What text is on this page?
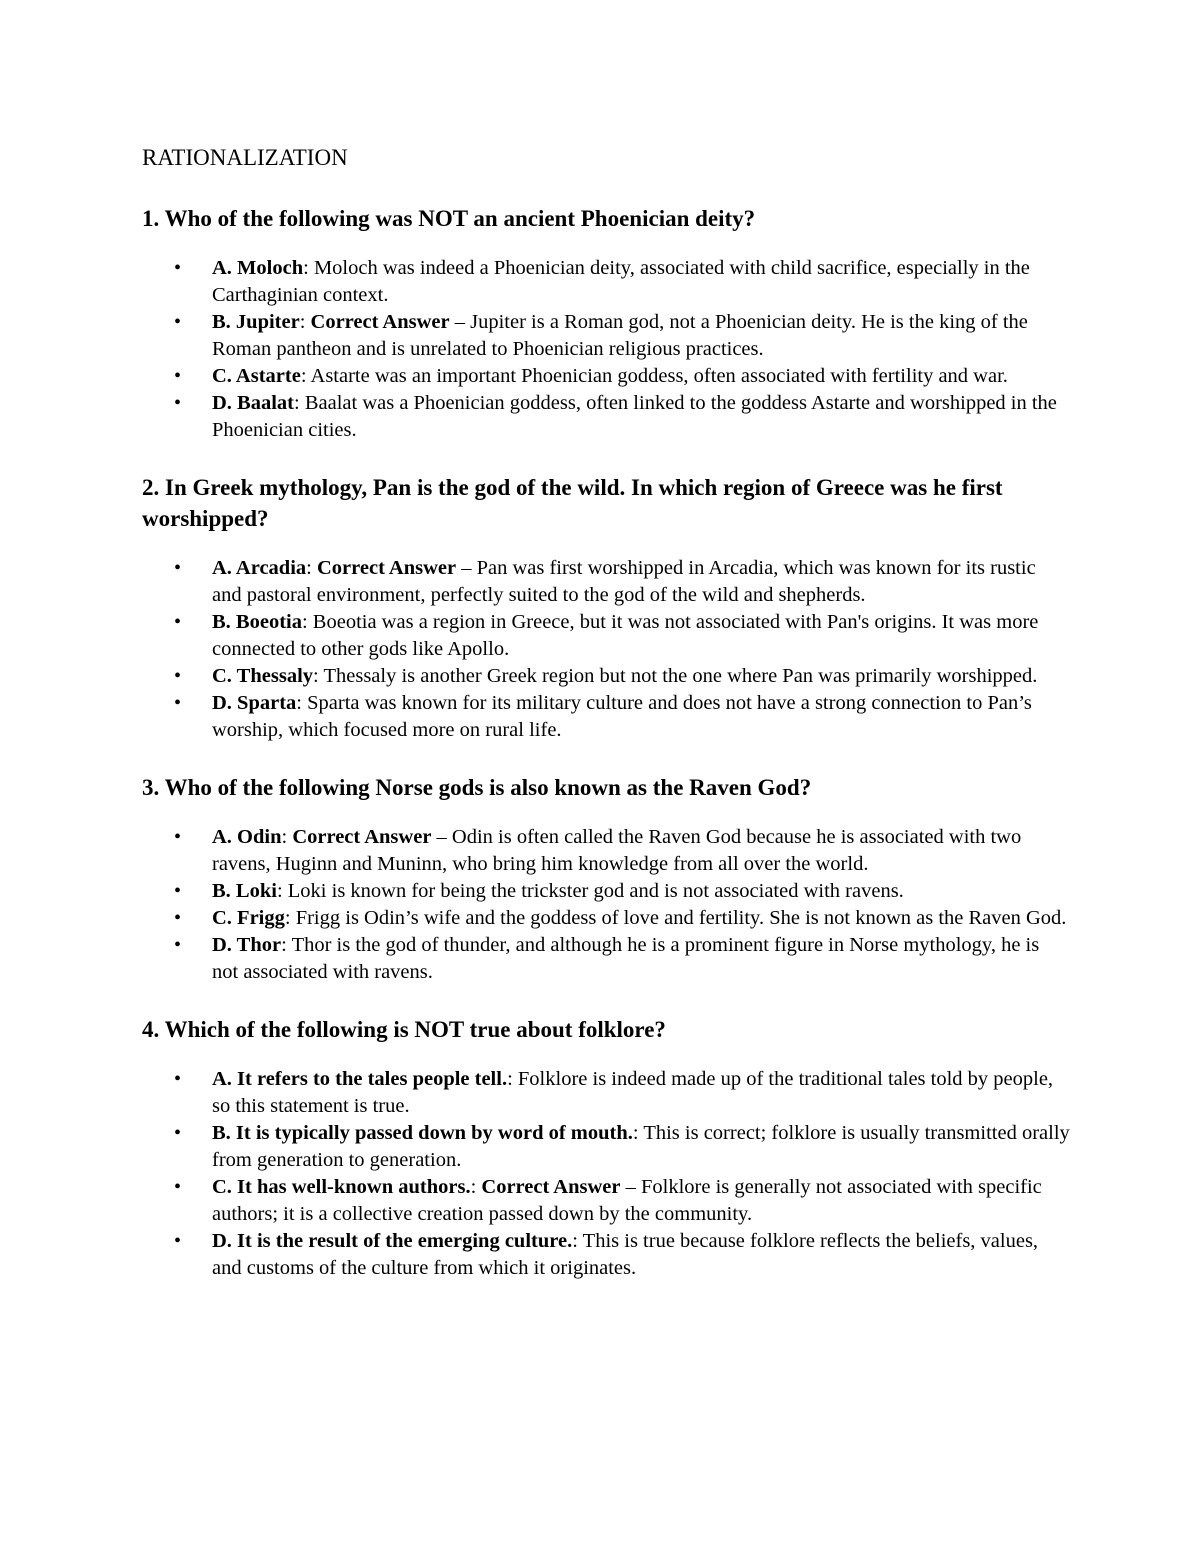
RATIONALIZATION
1. Who of the following was NOT an ancient Phoenician deity?
• A. Moloch: Moloch was indeed a Phoenician deity, associated with child sacrifice, especially in the Carthaginian context.
• B. Jupiter: Correct Answer – Jupiter is a Roman god, not a Phoenician deity. He is the king of the Roman pantheon and is unrelated to Phoenician religious practices.
• C. Astarte: Astarte was an important Phoenician goddess, often associated with fertility and war.
• D. Baalat: Baalat was a Phoenician goddess, often linked to the goddess Astarte and worshipped in the Phoenician cities.
2. In Greek mythology, Pan is the god of the wild. In which region of Greece was he first worshipped?
• A. Arcadia: Correct Answer – Pan was first worshipped in Arcadia, which was known for its rustic and pastoral environment, perfectly suited to the god of the wild and shepherds.
• B. Boeotia: Boeotia was a region in Greece, but it was not associated with Pan's origins. It was more connected to other gods like Apollo.
• C. Thessaly: Thessaly is another Greek region but not the one where Pan was primarily worshipped.
• D. Sparta: Sparta was known for its military culture and does not have a strong connection to Pan’s worship, which focused more on rural life.
3. Who of the following Norse gods is also known as the Raven God?
• A. Odin: Correct Answer – Odin is often called the Raven God because he is associated with two ravens, Huginn and Muninn, who bring him knowledge from all over the world.
• B. Loki: Loki is known for being the trickster god and is not associated with ravens.
• C. Frigg: Frigg is Odin’s wife and the goddess of love and fertility. She is not known as the Raven God.
• D. Thor: Thor is the god of thunder, and although he is a prominent figure in Norse mythology, he is not associated with ravens.
4. Which of the following is NOT true about folklore?
• A. It refers to the tales people tell.: Folklore is indeed made up of the traditional tales told by people, so this statement is true.
• B. It is typically passed down by word of mouth.: This is correct; folklore is usually transmitted orally from generation to generation.
• C. It has well-known authors.: Correct Answer – Folklore is generally not associated with specific authors; it is a collective creation passed down by the community.
• D. It is the result of the emerging culture.: This is true because folklore reflects the beliefs, values, and customs of the culture from which it originates.
